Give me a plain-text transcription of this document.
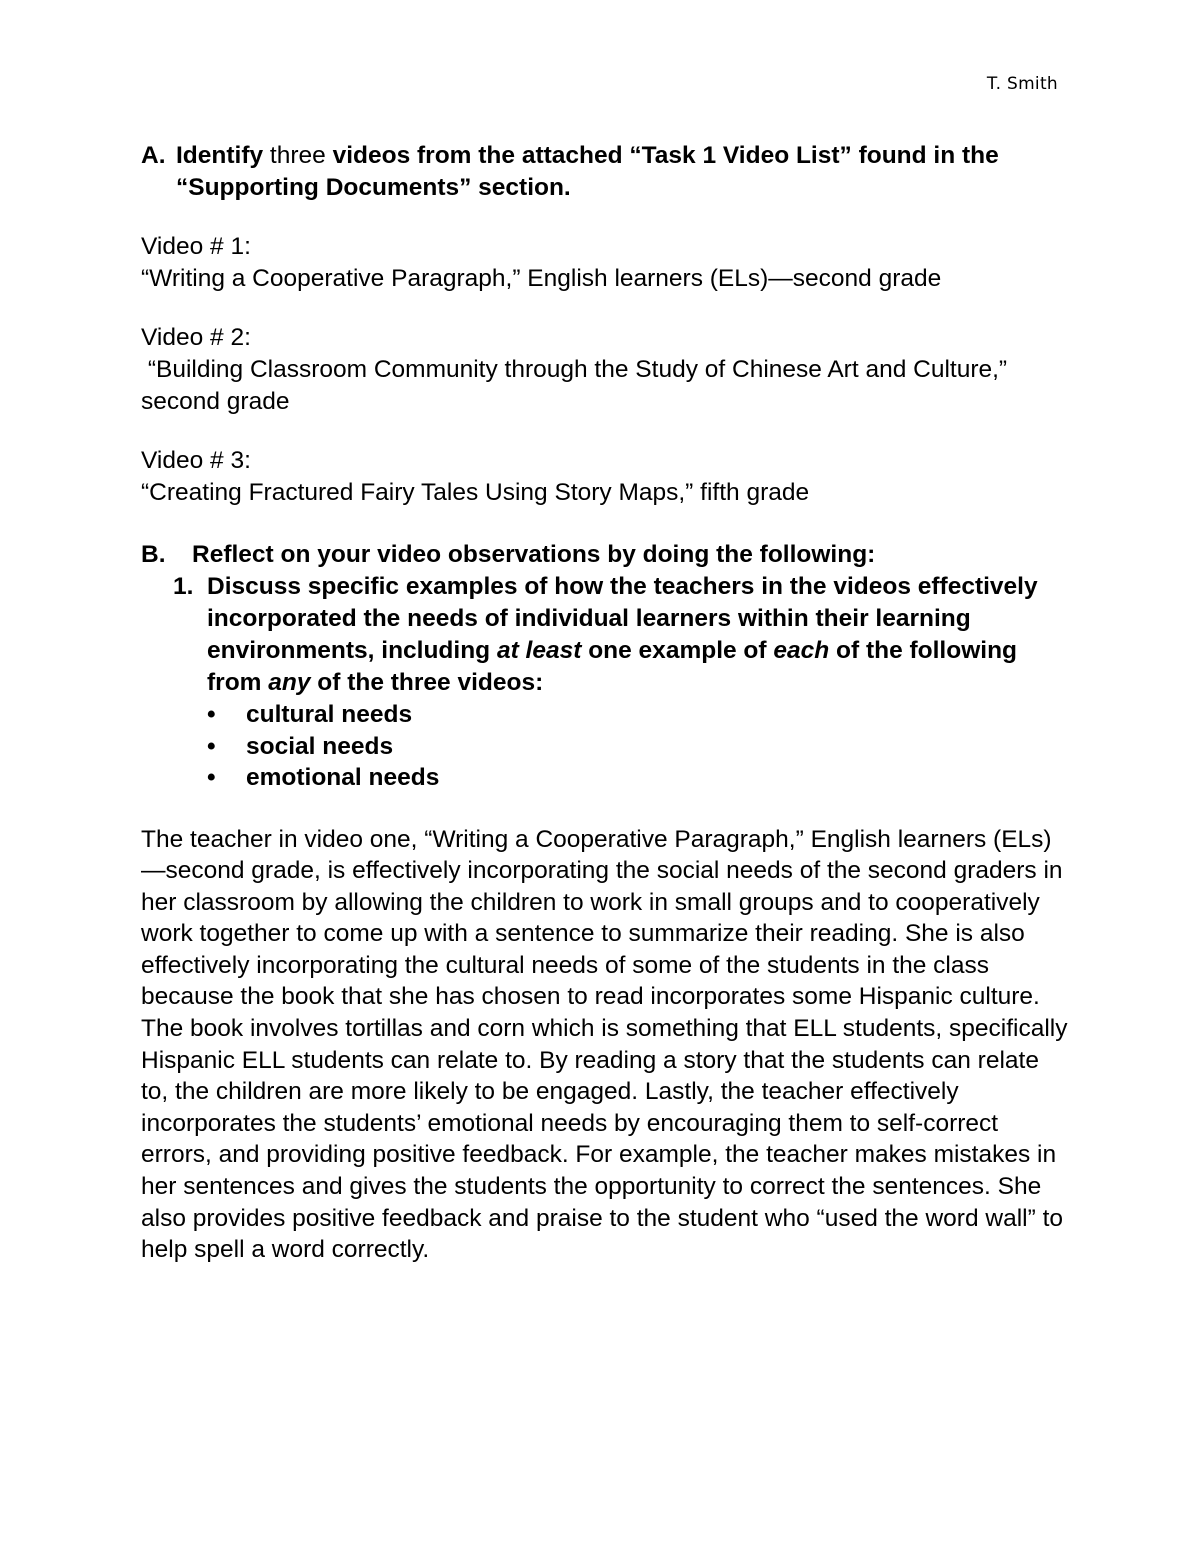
T. Smith
A. Identify three videos from the attached “Task 1 Video List” found in the “Supporting Documents” section.
Video # 1:
“Writing a Cooperative Paragraph,” English learners (ELs)—second grade
Video # 2:
“Building Classroom Community through the Study of Chinese Art and Culture,” second grade
Video # 3:
“Creating Fractured Fairy Tales Using Story Maps,” fifth grade
B. Reflect on your video observations by doing the following:
1. Discuss specific examples of how the teachers in the videos effectively incorporated the needs of individual learners within their learning environments, including at least one example of each of the following from any of the three videos:
• cultural needs
• social needs
• emotional needs

The teacher in video one, “Writing a Cooperative Paragraph,” English learners (ELs)—second grade, is effectively incorporating the social needs of the second graders in her classroom by allowing the children to work in small groups and to cooperatively work together to come up with a sentence to summarize their reading. She is also effectively incorporating the cultural needs of some of the students in the class because the book that she has chosen to read incorporates some Hispanic culture. The book involves tortillas and corn which is something that ELL students, specifically Hispanic ELL students can relate to. By reading a story that the students can relate to, the children are more likely to be engaged. Lastly, the teacher effectively incorporates the students’ emotional needs by encouraging them to self-correct errors, and providing positive feedback. For example, the teacher makes mistakes in her sentences and gives the students the opportunity to correct the sentences. She also provides positive feedback and praise to the student who “used the word wall” to help spell a word correctly.
